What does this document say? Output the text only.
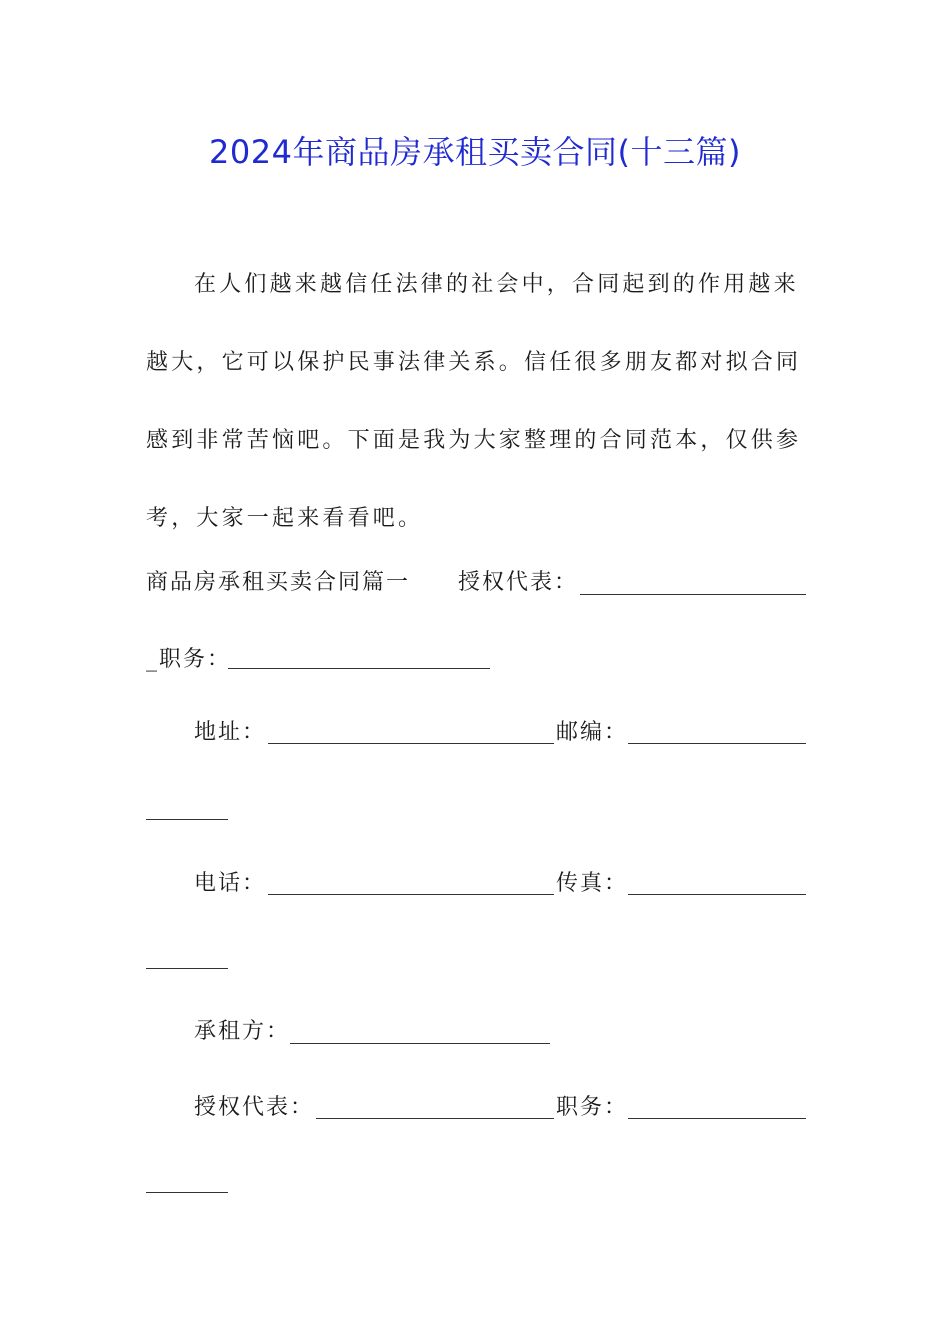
2024年商品房承租买卖合同(十三篇)

在人们越来越信任法律的社会中，合同起到的作用越来越大，它可以保护民事法律关系。信任很多朋友都对拟合同感到非常苦恼吧。下面是我为大家整理的合同范本，仅供参考，大家一起来看看吧。

商品房承租买卖合同篇一 授权代表：
_职务：
地址：	邮编：
电话：	传真：
承租方：
授权代表：	职务：
